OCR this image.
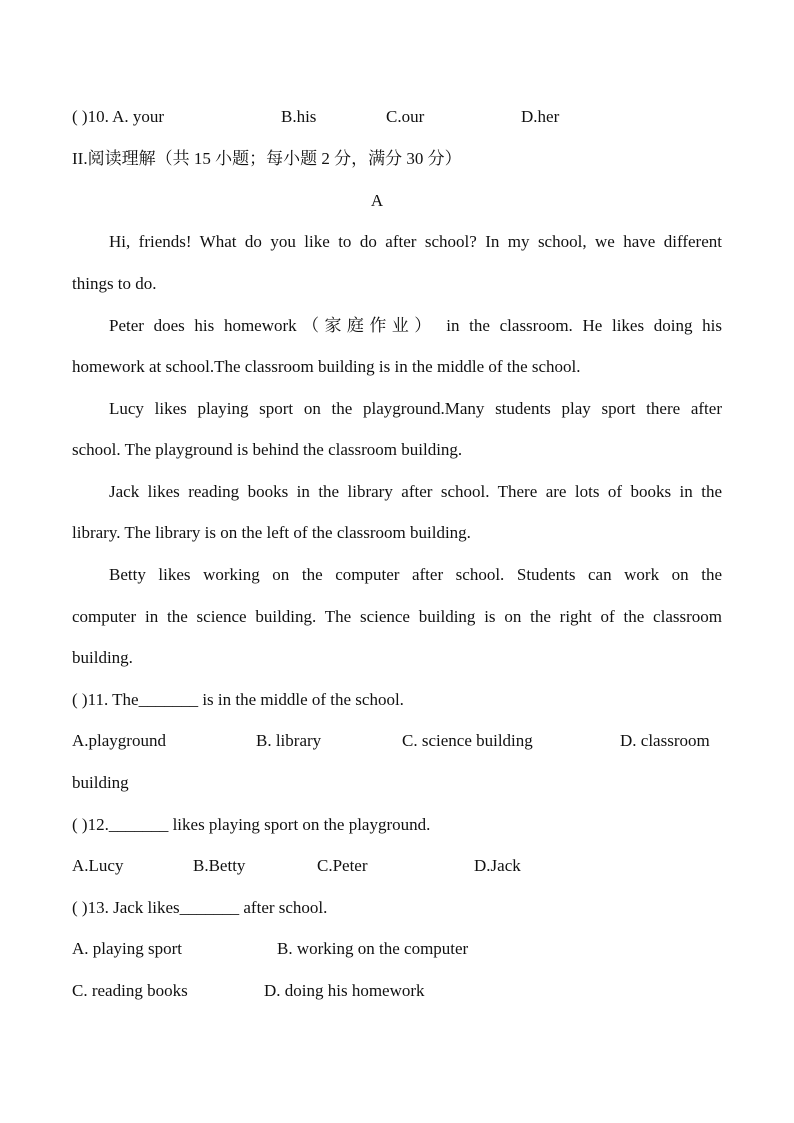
( )10. A. your	B.his	C.our	D.her
II.阅读理解（共 15 小题；每小题 2 分，满分 30 分）
A
Hi, friends! What do you like to do after school? In my school, we have different
things to do.
Peter does his homework（家庭作业） in the classroom. He likes doing his
homework at school.The classroom building is in the middle of the school.
Lucy likes playing sport on the playground.Many students play sport there after
school. The playground is behind the classroom building.
Jack likes reading books in the library after school. There are lots of books in the
library. The library is on the left of the classroom building.
Betty likes working on the computer after school. Students can work on the
computer in the science building. The science building is on the right of the classroom
building.
( )11. The_______ is in the middle of the school.
A.playground	B. library	C. science building	D. classroom
building
( )12._______ likes playing sport on the playground.
A.Lucy	B.Betty	C.Peter	D.Jack
( )13. Jack likes_______ after school.
A. playing sport	B. working on the computer
C. reading books	D. doing his homework
